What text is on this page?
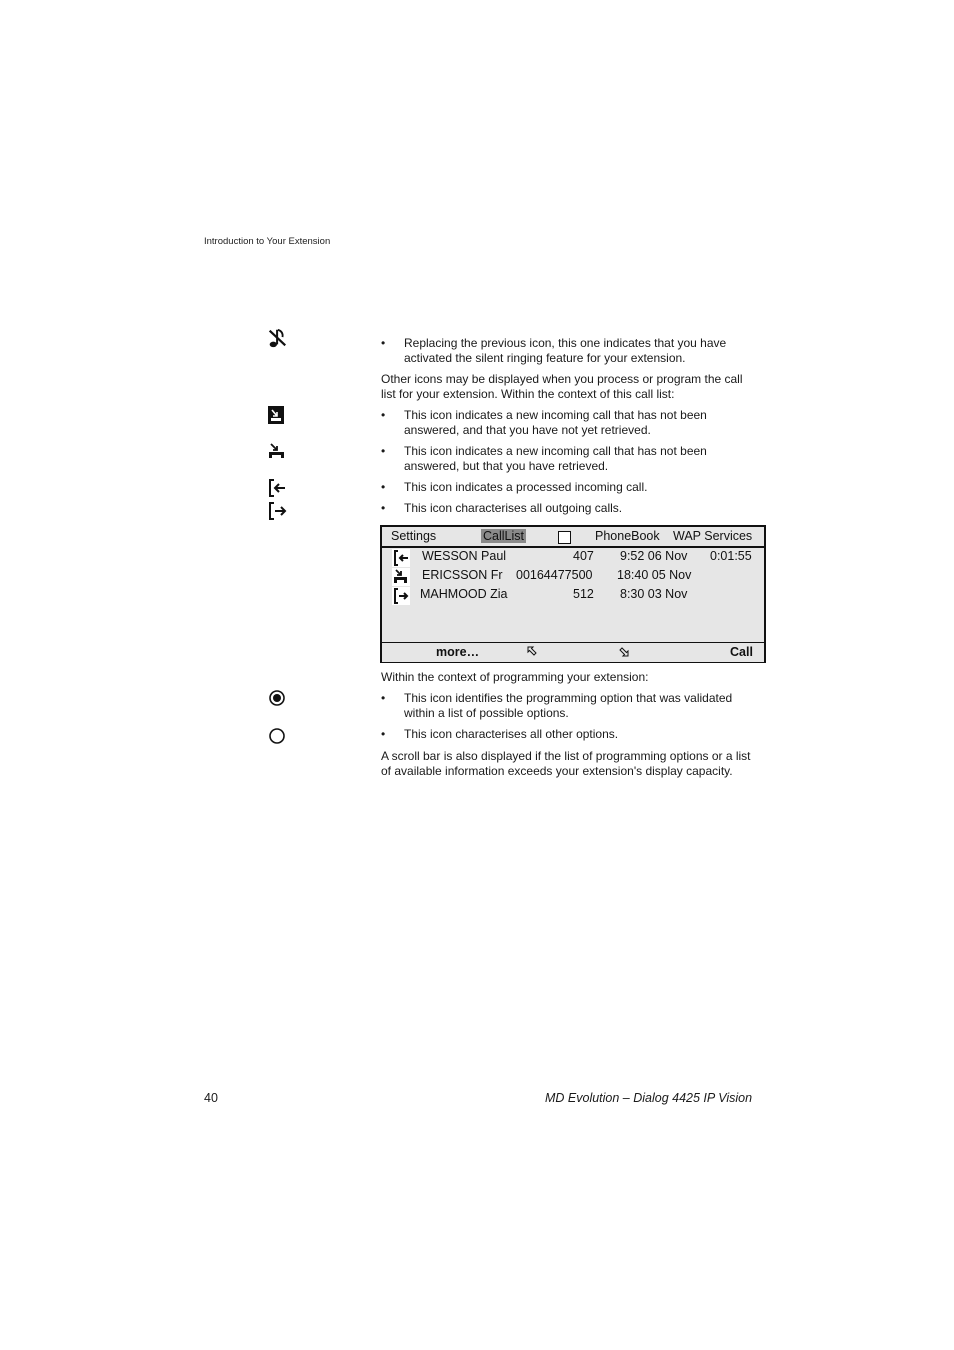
Introduction to Your Extension
• Replacing the previous icon, this one indicates that you have activated the silent ringing feature for your extension.
Other icons may be displayed when you process or program the call list for your extension. Within the context of this call list:
• This icon indicates a new incoming call that has not been answered, and that you have not yet retrieved.
• This icon indicates a new incoming call that has not been answered, but that you have retrieved.
• This icon indicates a processed incoming call.
• This icon characterises all outgoing calls.
Settings	CallList	PhoneBook WAP Services
WESSON Paul	407 9:52 06 Nov 0:01:55
ERICSSON Fr 00164477500 18:40 05 Nov
MAHMOOD Zia	512 8:30 03 Nov
more…	Call
Within the context of programming your extension:
• This icon identifies the programming option that was validated within a list of possible options.
• This icon characterises all other options.
A scroll bar is also displayed if the list of programming options or a list of available information exceeds your extension's display capacity.
40	MD Evolution – Dialog 4425 IP Vision
